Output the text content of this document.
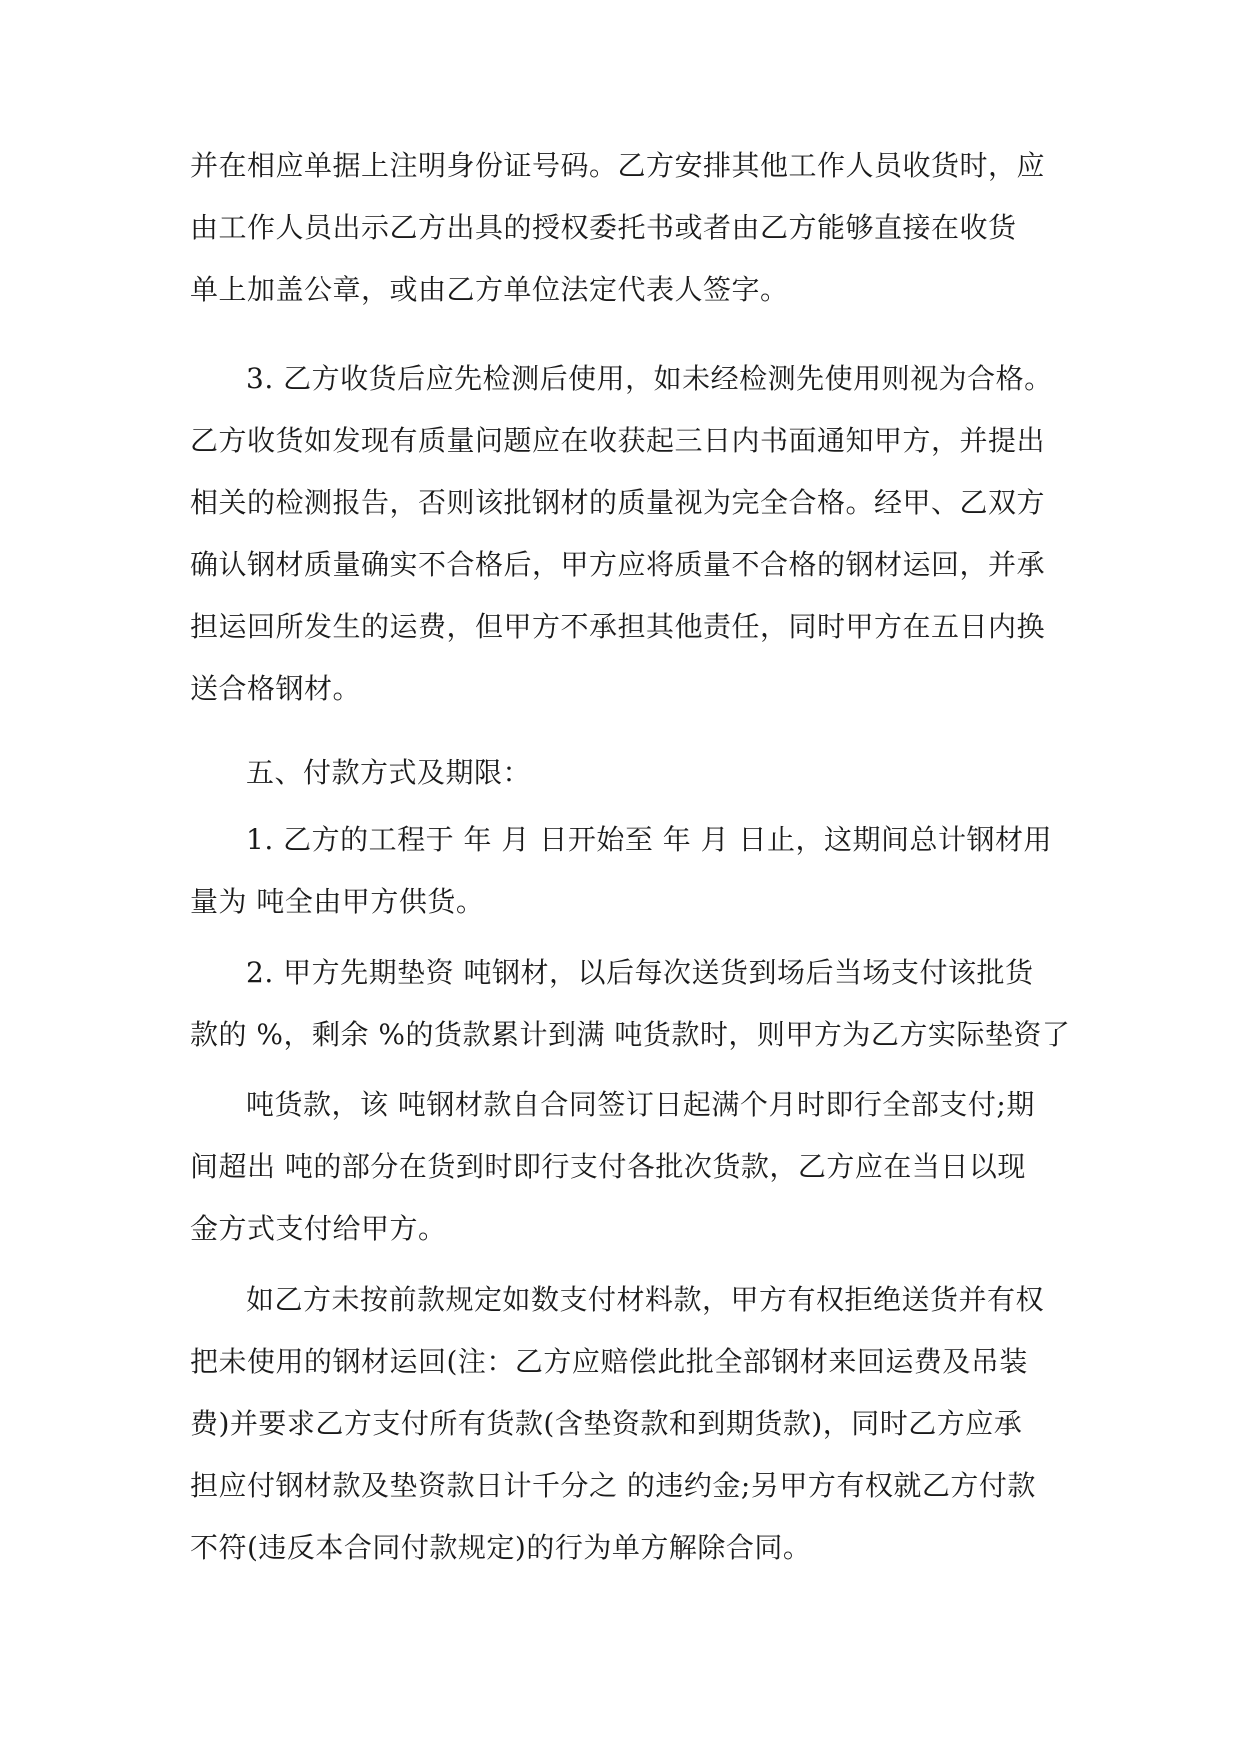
并在相应单据上注明身份证号码。乙方安排其他工作人员收货时，应
由工作人员出示乙方出具的授权委托书或者由乙方能够直接在收货
单上加盖公章，或由乙方单位法定代表人签字。
3. 乙方收货后应先检测后使用，如未经检测先使用则视为合格。
乙方收货如发现有质量问题应在收获起三日内书面通知甲方，并提出
相关的检测报告，否则该批钢材的质量视为完全合格。经甲、乙双方
确认钢材质量确实不合格后，甲方应将质量不合格的钢材运回，并承
担运回所发生的运费，但甲方不承担其他责任，同时甲方在五日内换
送合格钢材。
五、付款方式及期限：
1. 乙方的工程于 年 月 日开始至 年 月 日止，这期间总计钢材用
量为 吨全由甲方供货。
2. 甲方先期垫资 吨钢材，以后每次送货到场后当场支付该批货
款的 %，剩余 %的货款累计到满 吨货款时，则甲方为乙方实际垫资了
吨货款，该 吨钢材款自合同签订日起满个月时即行全部支付;期
间超出 吨的部分在货到时即行支付各批次货款，乙方应在当日以现
金方式支付给甲方。
如乙方未按前款规定如数支付材料款，甲方有权拒绝送货并有权
把未使用的钢材运回(注：乙方应赔偿此批全部钢材来回运费及吊装
费)并要求乙方支付所有货款(含垫资款和到期货款)，同时乙方应承
担应付钢材款及垫资款日计千分之 的违约金;另甲方有权就乙方付款
不符(违反本合同付款规定)的行为单方解除合同。
